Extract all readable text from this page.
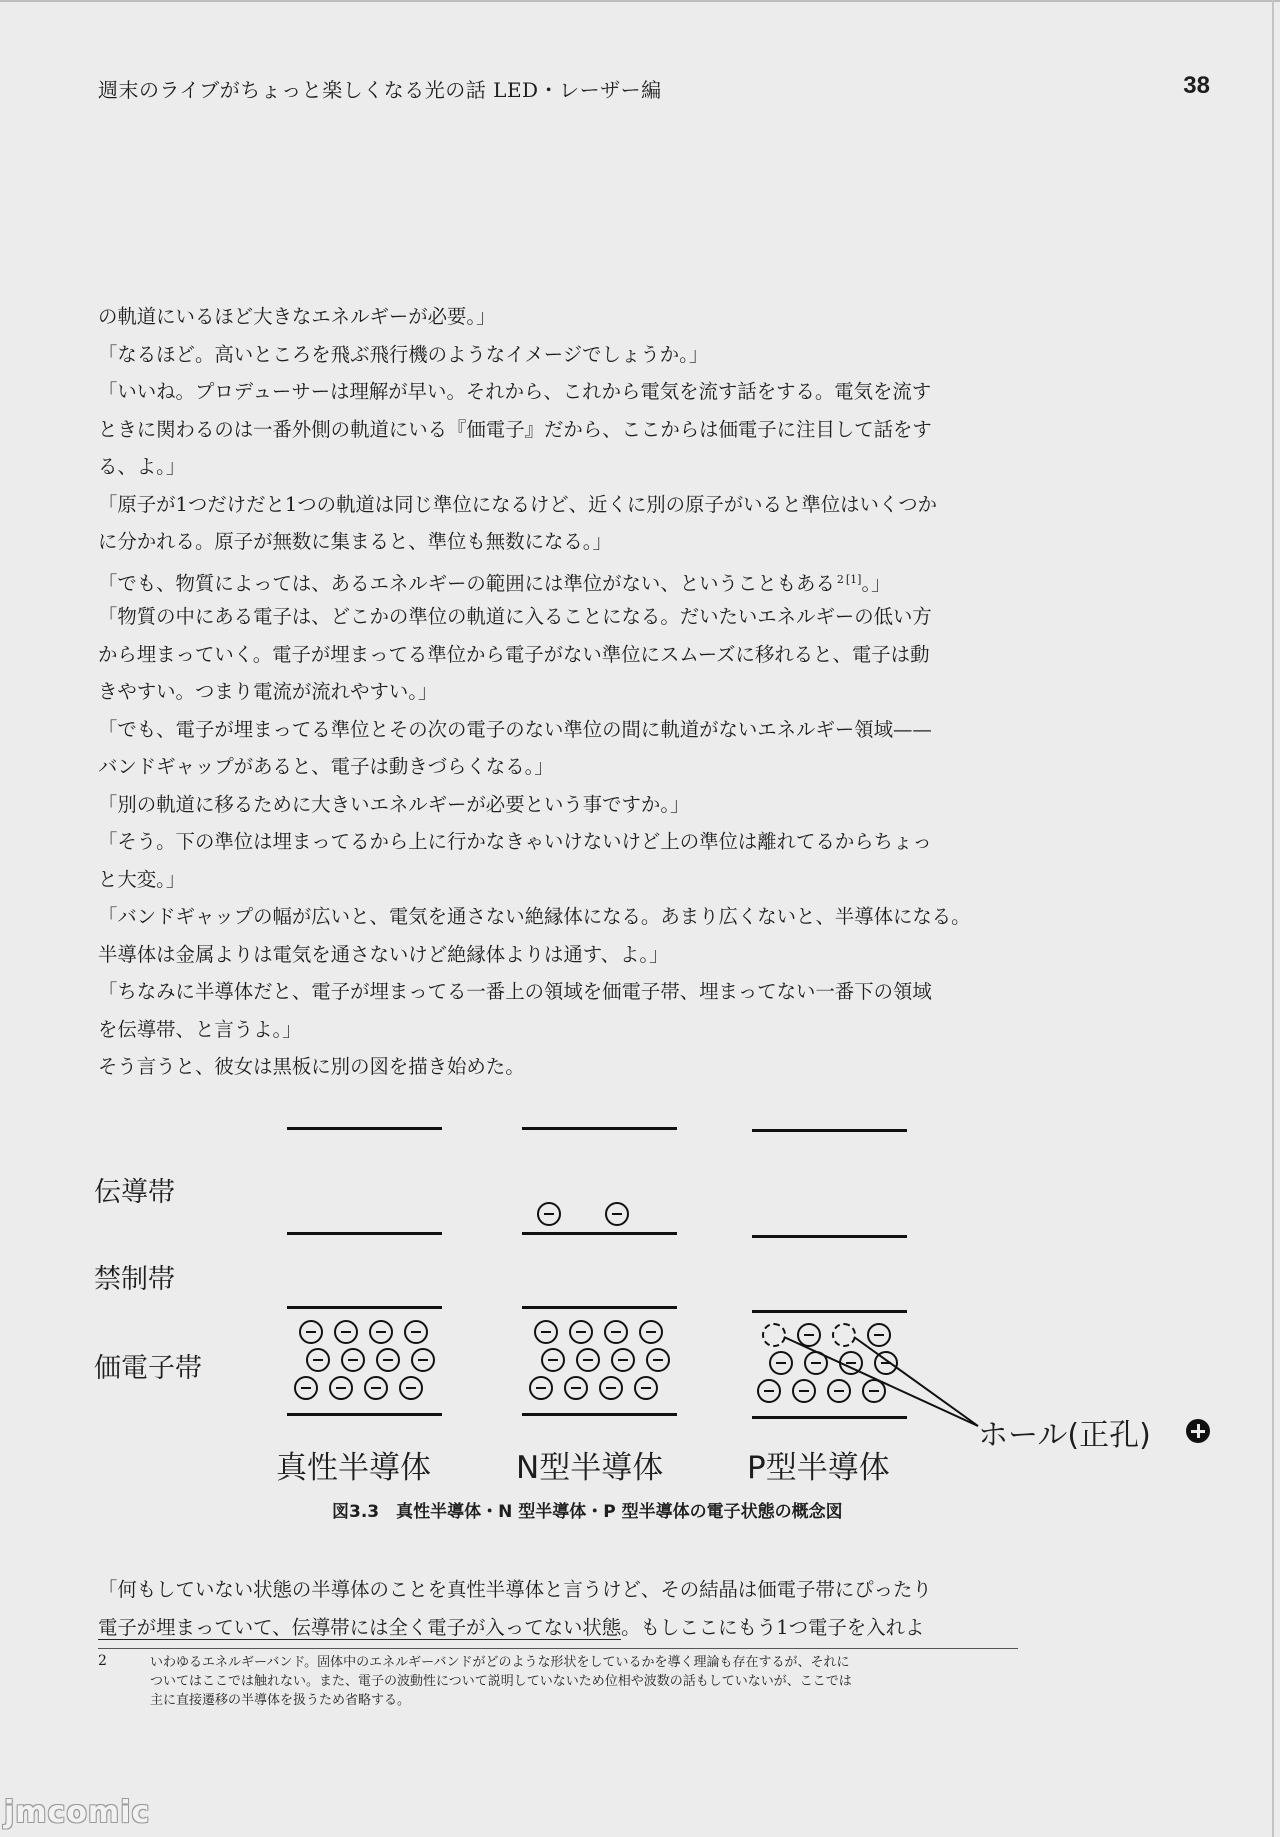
週末のライブがちょっと楽しくなる光の話 LED・レーザー編	38
の軌道にいるほど大きなエネルギーが必要。」
「なるほど。高いところを飛ぶ飛行機のようなイメージでしょうか。」
「いいね。プロデューサーは理解が早い。それから、これから電気を流す話をする。電気を流す
ときに関わるのは一番外側の軌道にいる『価電子』だから、ここからは価電子に注目して話をす
る、よ。」
「原子が1つだけだと1つの軌道は同じ準位になるけど、近くに別の原子がいると準位はいくつか
に分かれる。原子が無数に集まると、準位も無数になる。」
「でも、物質によっては、あるエネルギーの範囲には準位がない、ということもある $^2$ [1]。」
「物質の中にある電子は、どこかの準位の軌道に入ることになる。だいたいエネルギーの低い方
から埋まっていく。電子が埋まってる準位から電子がない準位にスムーズに移れると、電子は動
きやすい。つまり電流が流れやすい。」
「でも、電子が埋まってる準位とその次の電子のない準位の間に軌道がないエネルギー領域——
バンドギャップがあると、電子は動きづらくなる。」
「別の軌道に移るために大きいエネルギーが必要という事ですか。」
「そう。下の準位は埋まってるから上に行かなきゃいけないけど上の準位は離れてるからちょっ
と大変。」
「バンドギャップの幅が広いと、電気を通さない絶縁体になる。あまり広くないと、半導体になる。
半導体は金属よりは電気を通さないけど絶縁体よりは通す、よ。」
「ちなみに半導体だと、電子が埋まってる一番上の領域を価電子帯、埋まってない一番下の領域
を伝導帯、と言うよ。」
そう言うと、彼女は黒板に別の図を描き始めた。
伝導帯
禁制帯
価電子帯
ホール(正孔)
真性半導体	N型半導体	P型半導体
図3.3　真性半導体・N 型半導体・P 型半導体の電子状態の概念図
「何もしていない状態の半導体のことを真性半導体と言うけど、その結晶は価電子帯にぴったり
電子が埋まっていて、伝導帯には全く電子が入ってない状態。もしここにもう1つ電子を入れよ
2	いわゆるエネルギーバンド。固体中のエネルギーバンドがどのような形状をしているかを導く理論も存在するが、それに
ついてはここでは触れない。また、電子の波動性について説明していないため位相や波数の話もしていないが、ここでは
主に直接遷移の半導体を扱うため省略する。
jmcomic
